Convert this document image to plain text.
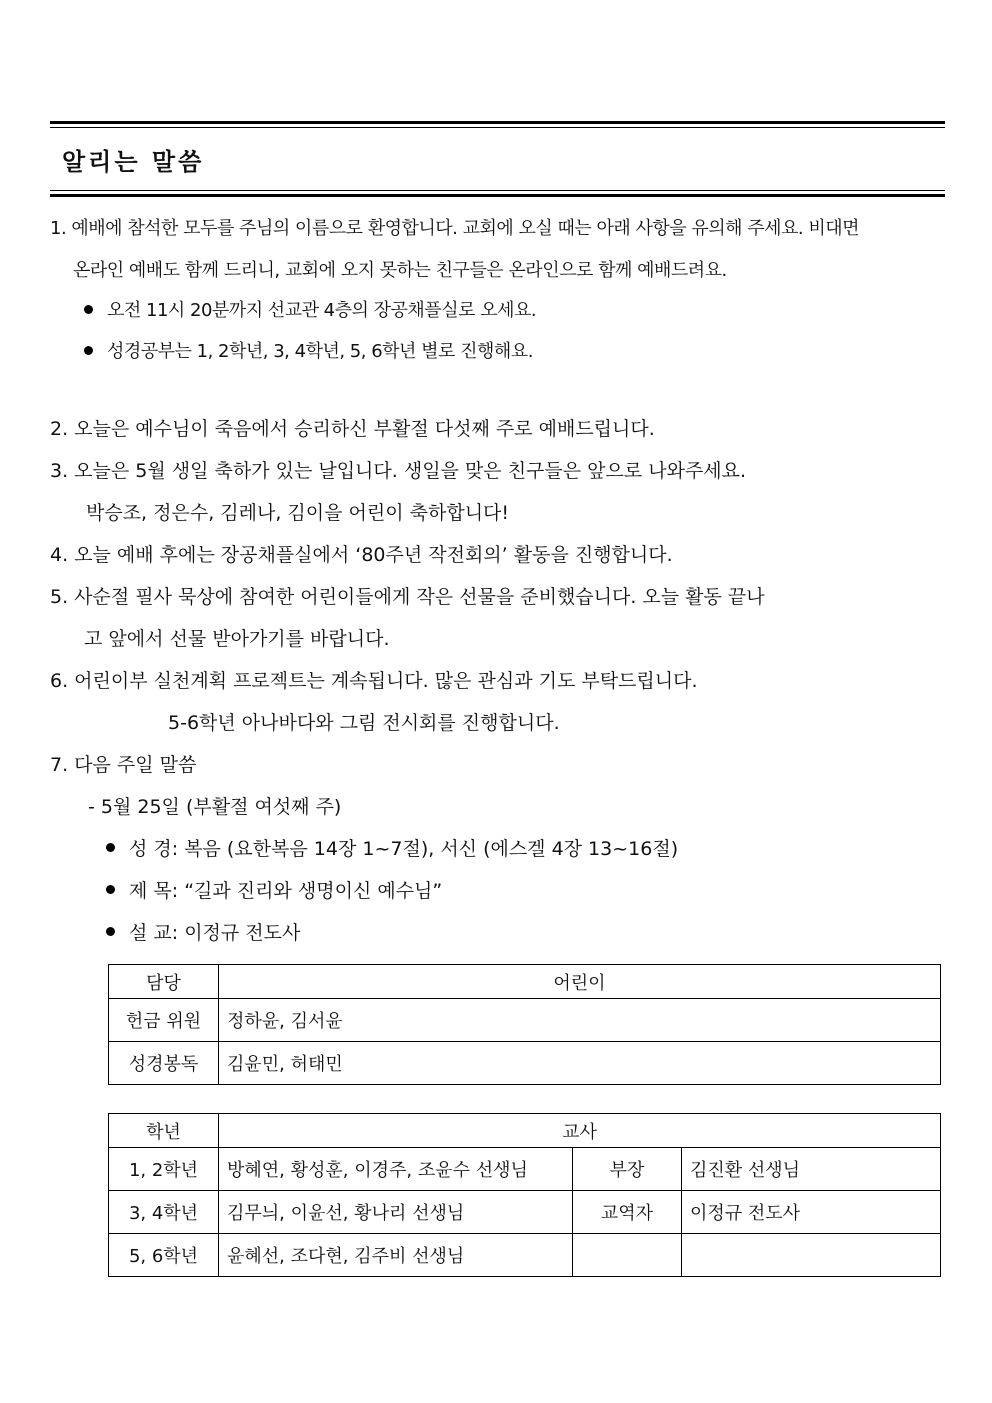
알리는 말씀
1. 예배에 참석한 모두를 주님의 이름으로 환영합니다. 교회에 오실 때는 아래 사항을 유의해 주세요. 비대면
온라인 예배도 함께 드리니, 교회에 오지 못하는 친구들은 온라인으로 함께 예배드려요.
오전 11시 20분까지 선교관 4층의 장공채플실로 오세요.
성경공부는 1, 2학년, 3, 4학년, 5, 6학년 별로 진행해요.
2. 오늘은 예수님이 죽음에서 승리하신 부활절 다섯째 주로 예배드립니다.
3. 오늘은 5월 생일 축하가 있는 날입니다. 생일을 맞은 친구들은 앞으로 나와주세요.
박승조, 정은수, 김레나, 김이을 어린이 축하합니다!
4. 오늘 예배 후에는 장공채플실에서 ‘80주년 작전회의’ 활동을 진행합니다.
5. 사순절 필사 묵상에 참여한 어린이들에게 작은 선물을 준비했습니다. 오늘 활동 끝나
고 앞에서 선물 받아가기를 바랍니다.
6. 어린이부 실천계획 프로젝트는 계속됩니다. 많은 관심과 기도 부탁드립니다.
5-6학년 아나바다와 그림 전시회를 진행합니다.
7. 다음 주일 말씀
- 5월 25일 (부활절 여섯째 주)
성 경: 복음 (요한복음 14장 1~7절), 서신 (에스겔 4장 13~16절)
제 목: “길과 진리와 생명이신 예수님”
설 교: 이정규 전도사
담당	어린이
헌금 위원	정하윤, 김서윤
성경봉독	김윤민, 허태민
학년	교사		
1, 2학년	방혜연, 황성훈, 이경주, 조윤수 선생님	부장	김진환 선생님
3, 4학년	김무늬, 이윤선, 황나리 선생님	교역자	이정규 전도사
5, 6학년	윤혜선, 조다현, 김주비 선생님		
